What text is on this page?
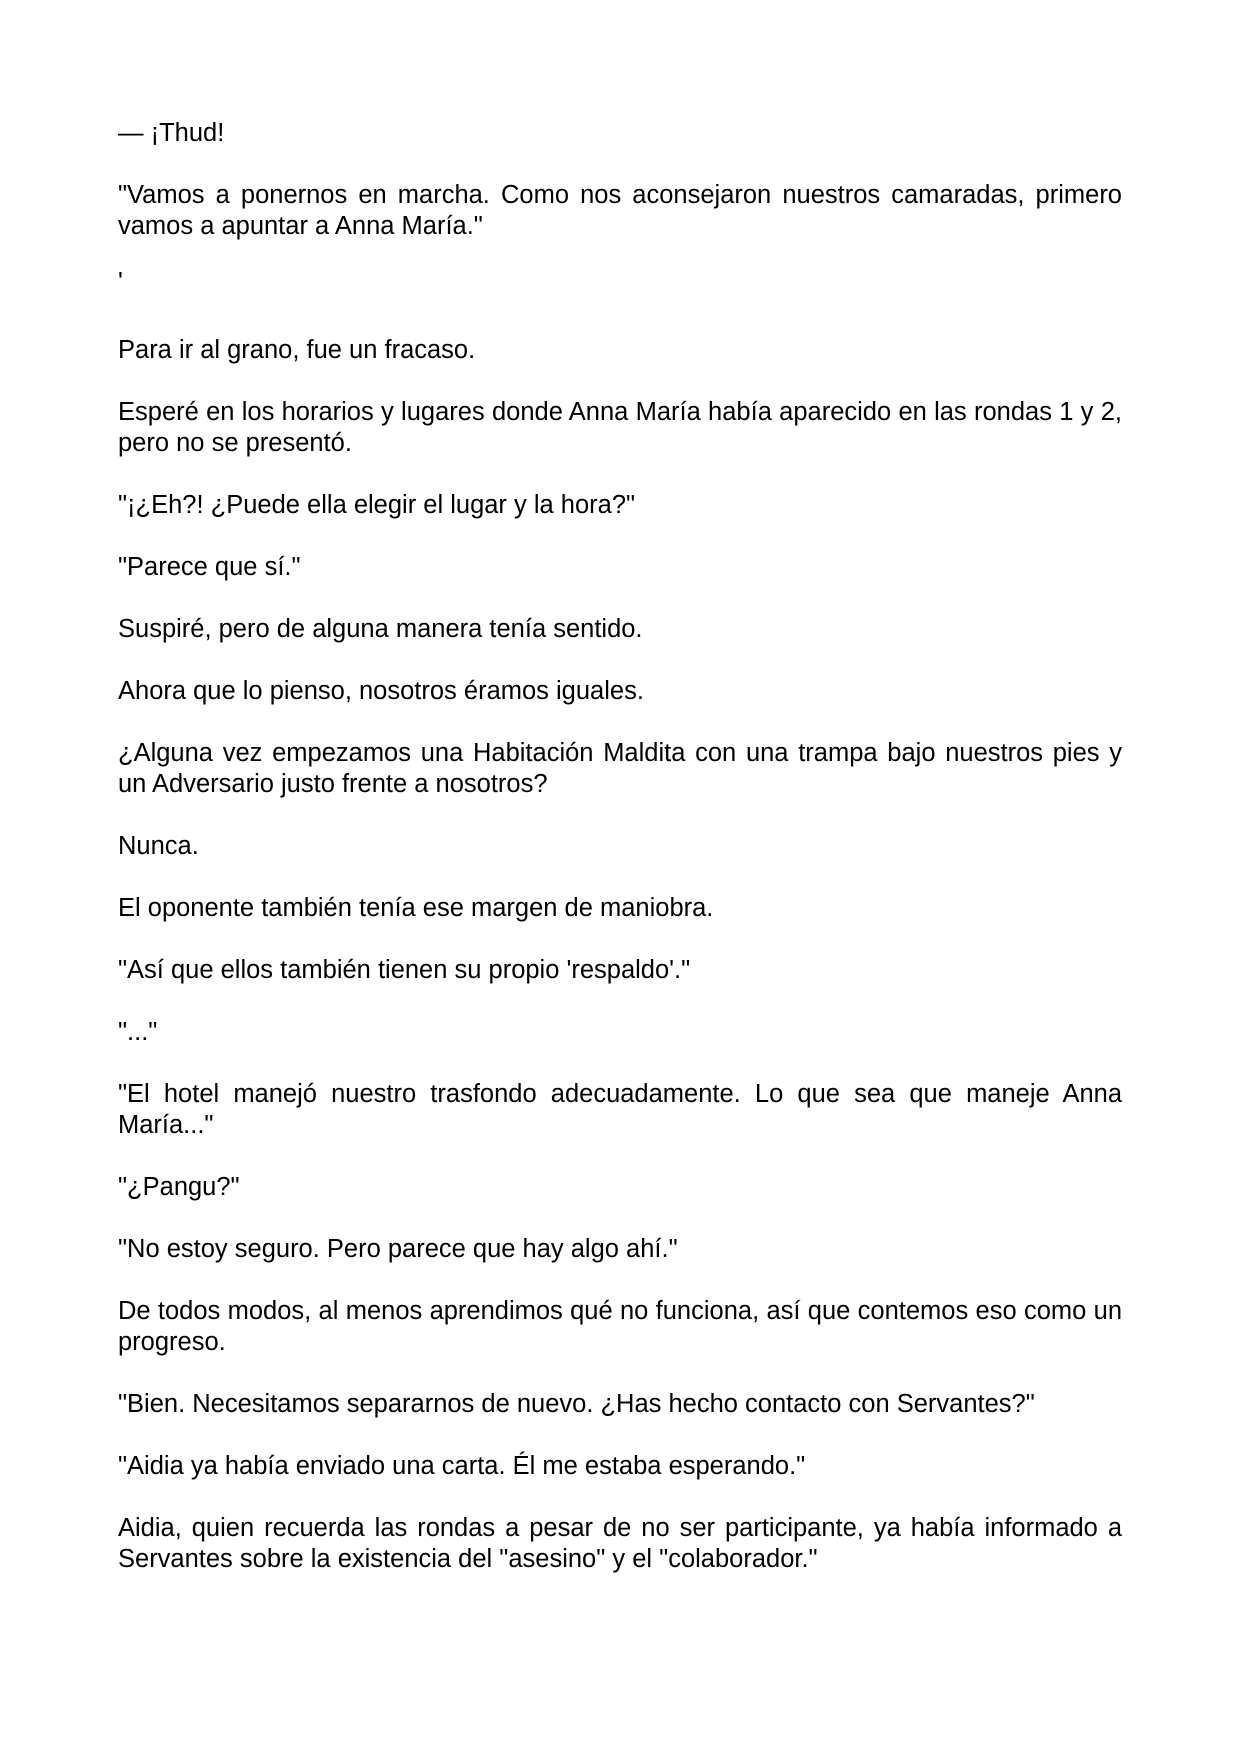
— ¡Thud!

"Vamos a ponernos en marcha. Como nos aconsejaron nuestros camaradas, primero vamos a apuntar a Anna María."

'

Para ir al grano, fue un fracaso.

Esperé en los horarios y lugares donde Anna María había aparecido en las rondas 1 y 2, pero no se presentó.

"¡¿Eh?! ¿Puede ella elegir el lugar y la hora?"

"Parece que sí."

Suspiré, pero de alguna manera tenía sentido.

Ahora que lo pienso, nosotros éramos iguales.

¿Alguna vez empezamos una Habitación Maldita con una trampa bajo nuestros pies y un Adversario justo frente a nosotros?

Nunca.

El oponente también tenía ese margen de maniobra.

"Así que ellos también tienen su propio 'respaldo'."

"..."

"El hotel manejó nuestro trasfondo adecuadamente. Lo que sea que maneje Anna María..."

"¿Pangu?"

"No estoy seguro. Pero parece que hay algo ahí."

De todos modos, al menos aprendimos qué no funciona, así que contemos eso como un progreso.

"Bien. Necesitamos separarnos de nuevo. ¿Has hecho contacto con Servantes?"

"Aidia ya había enviado una carta. Él me estaba esperando."

Aidia, quien recuerda las rondas a pesar de no ser participante, ya había informado a Servantes sobre la existencia del "asesino" y el "colaborador."
